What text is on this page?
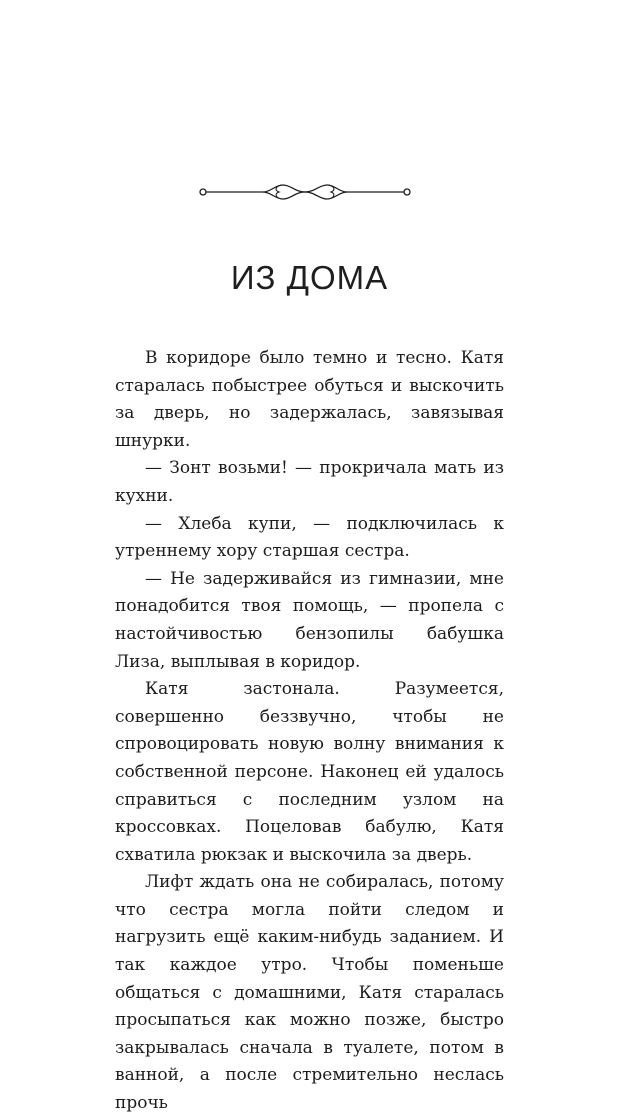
ИЗ ДОМА

В коридоре было темно и тесно. Катя старалась побыстрее обуться и выскочить за дверь, но задержалась, завязывая шнурки.

— Зонт возьми! — прокричала мать из кухни.

— Хлеба купи, — подключилась к утреннему хору старшая сестра.

— Не задерживайся из гимназии, мне понадобится твоя помощь, — пропела с настойчивостью бензопилы бабушка Лиза, выплывая в коридор.

Катя застонала. Разумеется, совершенно беззвучно, чтобы не спровоцировать новую волну внимания к собственной персоне. Наконец ей удалось справиться с последним узлом на кроссовках. Поцеловав бабулю, Катя схватила рюкзак и выскочила за дверь.

Лифт ждать она не собиралась, потому что сестра могла пойти следом и нагрузить ещё каким-нибудь заданием. И так каждое утро. Чтобы поменьше общаться с домашними, Катя старалась просыпаться как можно позже, быстро закрывалась сначала в туалете, потом в ванной, а после стремительно неслась прочь
